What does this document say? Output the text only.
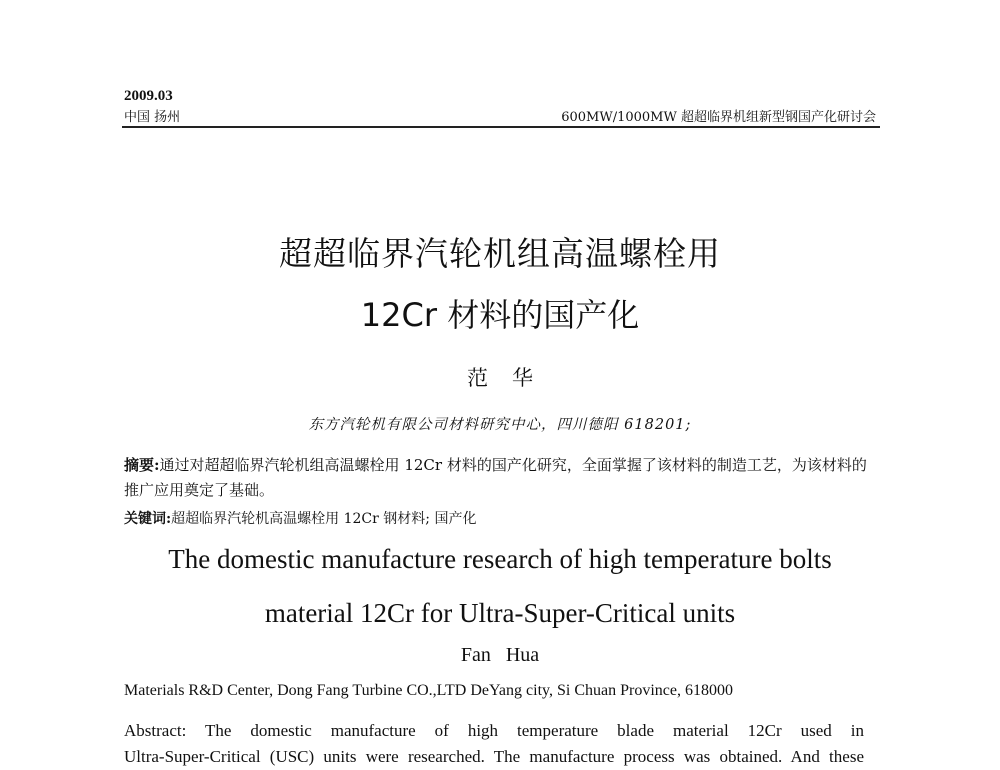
2009.03
中国 扬州	600MW/1000MW 超超临界机组新型钢国产化研讨会
超超临界汽轮机组高温螺栓用
12Cr 材料的国产化
范华
东方汽轮机有限公司材料研究中心，四川德阳 618201;
摘要:通过对超超临界汽轮机组高温螺栓用 12Cr 材料的国产化研究，全面掌握了该材料的制造工艺，为该材料的推广应用奠定了基础。
关键词:超超临界汽轮机高温螺栓用 12Cr 钢材料; 国产化
The domestic manufacture research of high temperature bolts
material 12Cr for Ultra-Super-Critical units
Fan Hua
Materials R&D Center, Dong Fang Turbine CO.,LTD DeYang city, Si Chuan Province, 618000
Abstract: The domestic manufacture of high temperature blade material 12Cr used in
Ultra-Super-Critical (USC) units were researched. The manufacture process was obtained. And these
